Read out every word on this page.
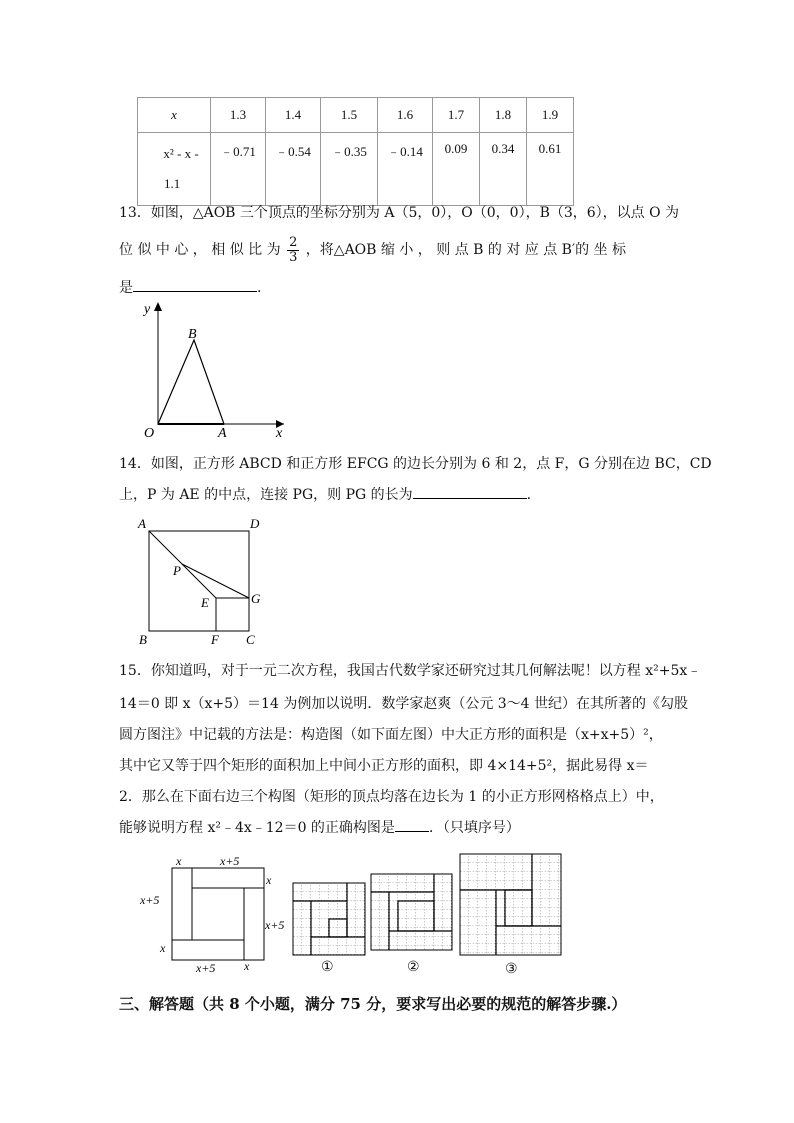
x	1.3	1.4	1.5	1.6	1.7	1.8	1.9

x² - x -
1.1	﹣0.71	﹣0.54	﹣0.35	﹣0.14	0.09	0.34	0.61
13．如图，△AOB 三个顶点的坐标分别为 A（5，0），O（0，0），B（3，6），以点 O 为
位 似 中 心 ， 相 似 比 为 $\frac{2}{3}$ ，将△AOB 缩 小 ， 则 点 B 的 对 应 点 B′的 坐 标
是	.
y
x
O	A
B
14．如图，正方形 ABCD 和正方形 EFCG 的边长分别为 6 和 2，点 F，G 分别在边 BC，CD
上，P 为 AE 的中点，连接 PG，则 PG 的长为	.
A	D
P
E	G
B	F C
15．你知道吗，对于一元二次方程，我国古代数学家还研究过其几何解法呢！以方程 x²+5x﹣
14＝0 即 x（x+5）＝14 为例加以说明．数学家赵爽（公元 3～4 世纪）在其所著的《勾股
圆方图注》中记载的方法是：构造图（如下面左图）中大正方形的面积是（x+x+5）²，
其中它又等于四个矩形的面积加上中间小正方形的面积，即 4×14+5²，据此易得 x＝
2．那么在下面右边三个构图（矩形的顶点均落在边长为 1 的小正方形网格格点上）中，
能够说明方程 x²﹣4x﹣12＝0 的正确构图是 ．（只填序号）
x	x+5
x
x+5
x+5
x
x+5 x	①	②	③
三、解答题（共 8 个小题，满分 75 分，要求写出必要的规范的解答步骤.）
